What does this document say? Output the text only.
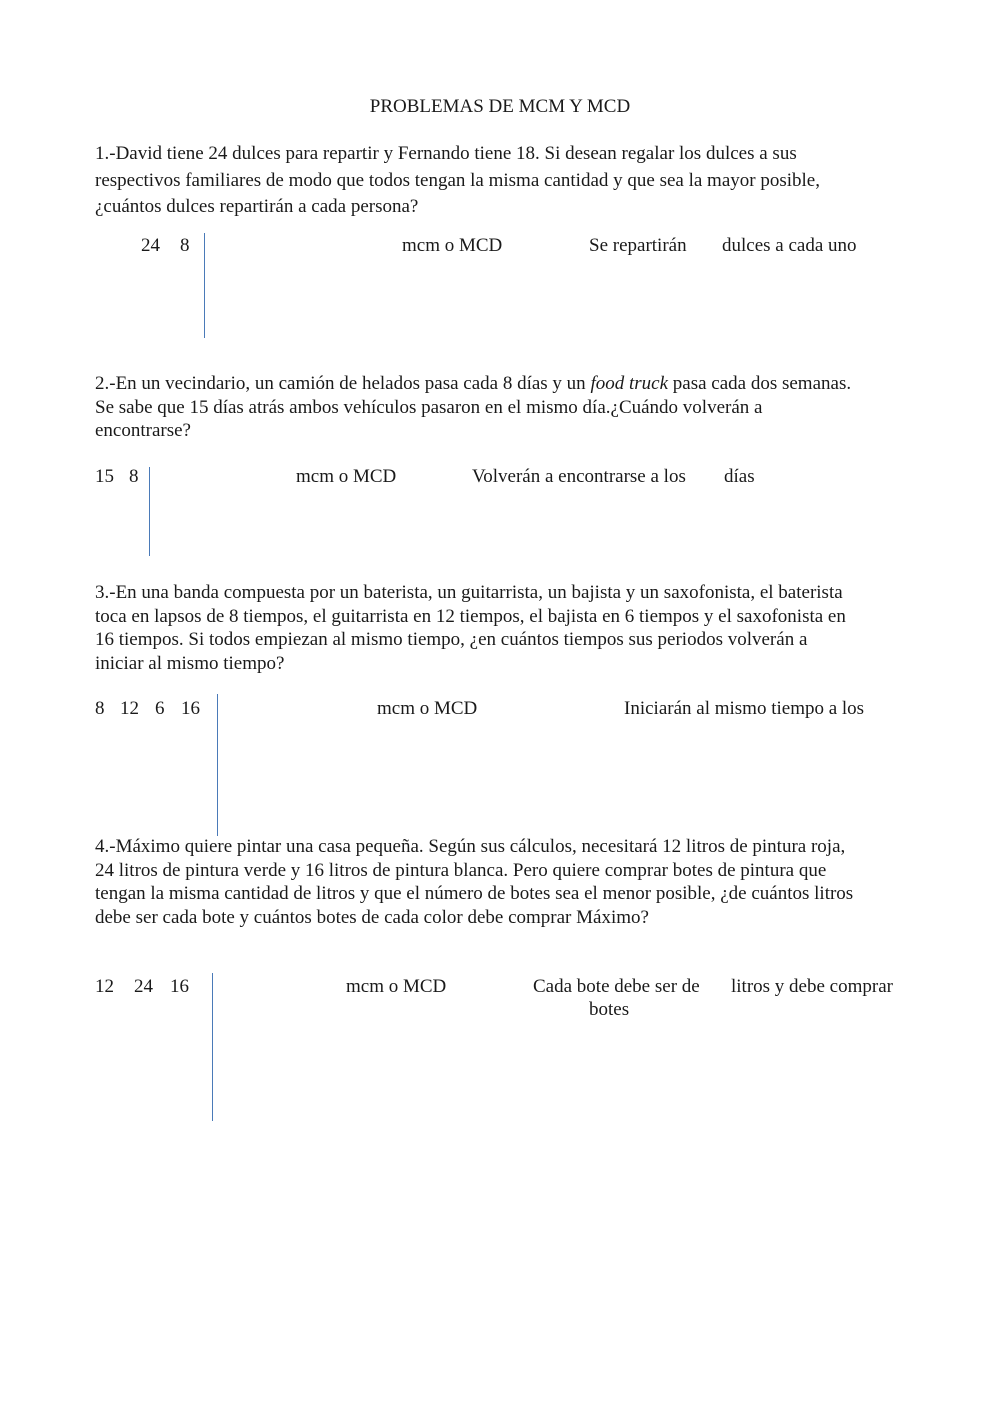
PROBLEMAS DE MCM Y MCD
1.-David tiene 24 dulces para repartir y Fernando tiene 18. Si desean regalar los dulces a sus
respectivos familiares de modo que todos tengan la misma cantidad y que sea la mayor posible,
¿cuántos dulces repartirán a cada persona?
24 8	mcm o MCD	Se repartirán dulces a cada uno
2.-En un vecindario, un camión de helados pasa cada 8 días y un food truck pasa cada dos semanas.
Se sabe que 15 días atrás ambos vehículos pasaron en el mismo día.¿Cuándo volverán a
encontrarse?
15 8	mcm o MCD	Volverán a encontrarse a los días
3.-En una banda compuesta por un baterista, un guitarrista, un bajista y un saxofonista, el baterista
toca en lapsos de 8 tiempos, el guitarrista en 12 tiempos, el bajista en 6 tiempos y el saxofonista en
16 tiempos. Si todos empiezan al mismo tiempo, ¿en cuántos tiempos sus periodos volverán a
iniciar al mismo tiempo?
8 12 6 16	mcm o MCD	Iniciarán al mismo tiempo a los
4.-Máximo quiere pintar una casa pequeña. Según sus cálculos, necesitará 12 litros de pintura roja,
24 litros de pintura verde y 16 litros de pintura blanca. Pero quiere comprar botes de pintura que
tengan la misma cantidad de litros y que el número de botes sea el menor posible, ¿de cuántos litros
debe ser cada bote y cuántos botes de cada color debe comprar Máximo?
12 24 16	mcm o MCD	Cada bote debe ser de litros y debe comprar
botes
